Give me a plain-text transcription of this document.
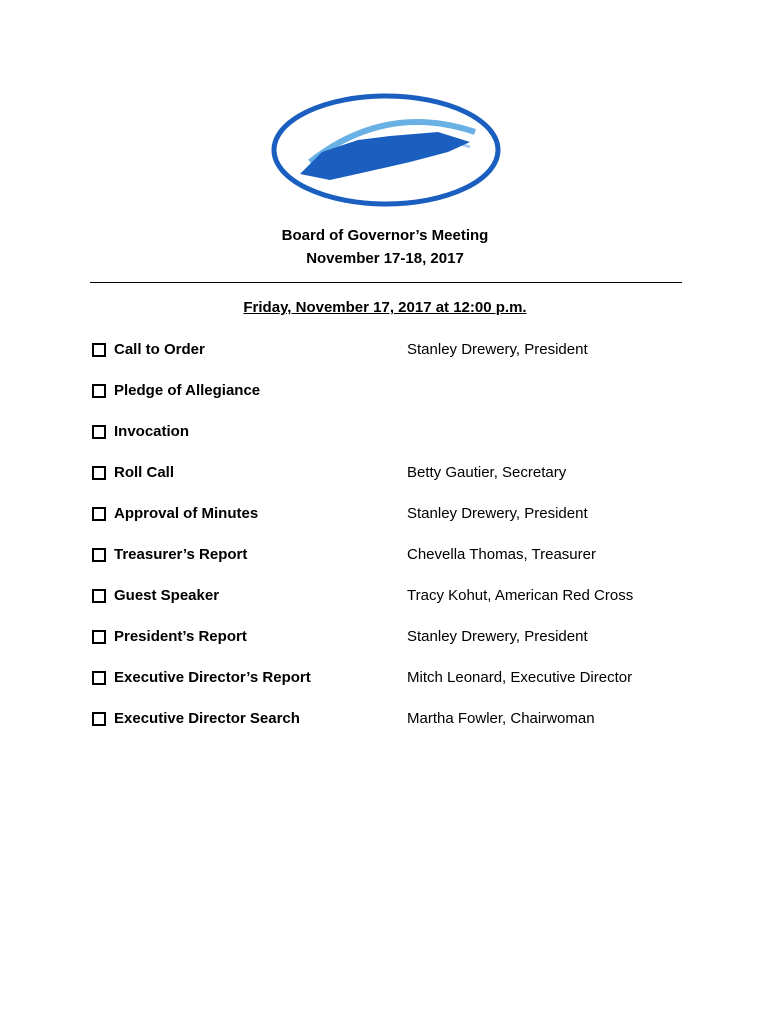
Board of Governor’s Meeting
November 17-18, 2017
Friday, November 17, 2017 at 12:00 p.m.
Call to Order	Stanley Drewery, President
Pledge of Allegiance
Invocation
Roll Call	Betty Gautier, Secretary
Approval of Minutes	Stanley Drewery, President
Treasurer’s Report	Chevella Thomas, Treasurer
Guest Speaker	Tracy Kohut, American Red Cross
President’s Report	Stanley Drewery, President
Executive Director’s Report	Mitch Leonard, Executive Director
Executive Director Search	Martha Fowler, Chairwoman
